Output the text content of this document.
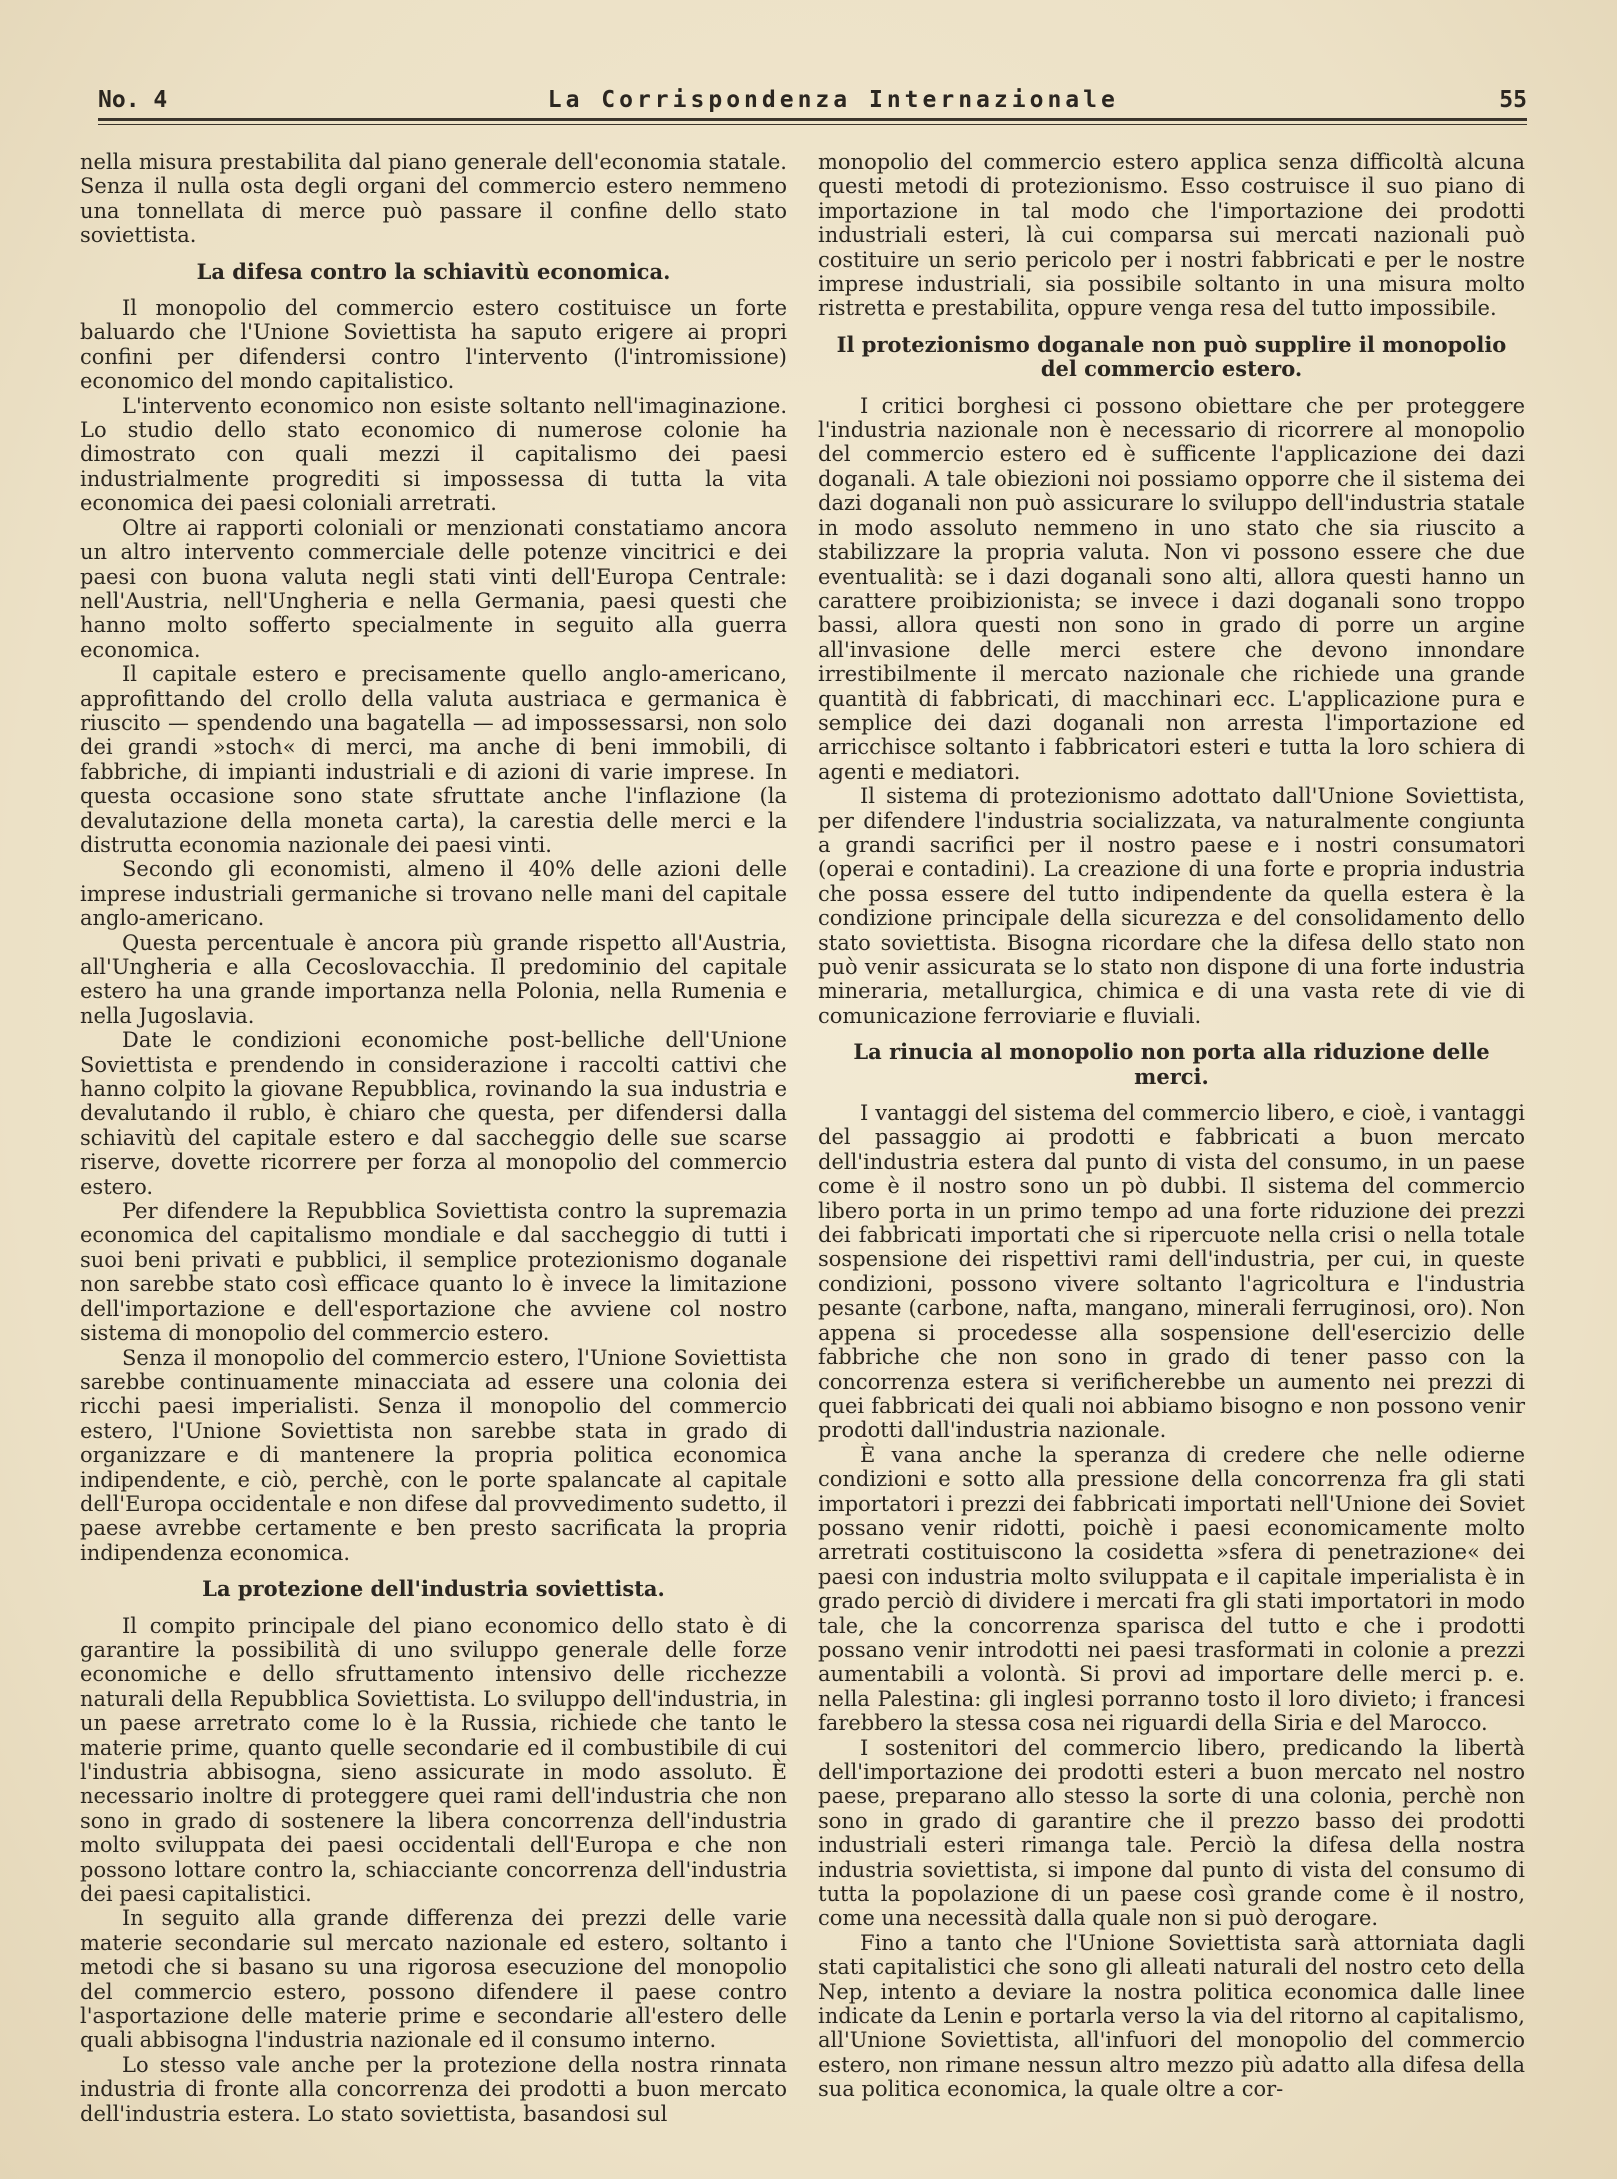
No. 4	La Corrispondenza Internazionale	55

nella misura prestabilita dal piano generale dell'economia statale. Senza il nulla osta degli organi del commercio estero nemmeno una tonnellata di merce può passare il confine dello stato soviettista.

La difesa contro la schiavitù economica.

Il monopolio del commercio estero costituisce un forte baluardo che l'Unione Soviettista ha saputo erigere ai propri confini per difendersi contro l'intervento (l'intromissione) economico del mondo capitalistico.

L'intervento economico non esiste soltanto nell'imaginazione. Lo studio dello stato economico di numerose colonie ha dimostrato con quali mezzi il capitalismo dei paesi industrialmente progrediti si impossessa di tutta la vita economica dei paesi coloniali arretrati.

Oltre ai rapporti coloniali or menzionati constatiamo ancora un altro intervento commerciale delle potenze vincitrici e dei paesi con buona valuta negli stati vinti dell'Europa Centrale: nell'Austria, nell'Ungheria e nella Germania, paesi questi che hanno molto sofferto specialmente in seguito alla guerra economica.

Il capitale estero e precisamente quello anglo-americano, approfittando del crollo della valuta austriaca e germanica è riuscito — spendendo una bagatella — ad impossessarsi, non solo dei grandi »stoch« di merci, ma anche di beni immobili, di fabbriche, di impianti industriali e di azioni di varie imprese. In questa occasione sono state sfruttate anche l'inflazione (la devalutazione della moneta carta), la carestia delle merci e la distrutta economia nazionale dei paesi vinti.

Secondo gli economisti, almeno il 40% delle azioni delle imprese industriali germaniche si trovano nelle mani del capitale anglo-americano.

Questa percentuale è ancora più grande rispetto all'Austria, all'Ungheria e alla Cecoslovacchia. Il predominio del capitale estero ha una grande importanza nella Polonia, nella Rumenia e nella Jugoslavia.

Date le condizioni economiche post-belliche dell'Unione Soviettista e prendendo in considerazione i raccolti cattivi che hanno colpito la giovane Repubblica, rovinando la sua industria e devalutando il rublo, è chiaro che questa, per difendersi dalla schiavitù del capitale estero e dal saccheggio delle sue scarse riserve, dovette ricorrere per forza al monopolio del commercio estero.

Per difendere la Repubblica Soviettista contro la supremazia economica del capitalismo mondiale e dal saccheggio di tutti i suoi beni privati e pubblici, il semplice protezionismo doganale non sarebbe stato così efficace quanto lo è invece la limitazione dell'importazione e dell'esportazione che avviene col nostro sistema di monopolio del commercio estero.

Senza il monopolio del commercio estero, l'Unione Soviettista sarebbe continuamente minacciata ad essere una colonia dei ricchi paesi imperialisti. Senza il monopolio del commercio estero, l'Unione Soviettista non sarebbe stata in grado di organizzare e di mantenere la propria politica economica indipendente, e ciò, perchè, con le porte spalancate al capitale dell'Europa occidentale e non difese dal provvedimento sudetto, il paese avrebbe certamente e ben presto sacrificata la propria indipendenza economica.

La protezione dell'industria soviettista.

Il compito principale del piano economico dello stato è di garantire la possibilità di uno sviluppo generale delle forze economiche e dello sfruttamento intensivo delle ricchezze naturali della Repubblica Soviettista. Lo sviluppo dell'industria, in un paese arretrato come lo è la Russia, richiede che tanto le materie prime, quanto quelle secondarie ed il combustibile di cui l'industria abbisogna, sieno assicurate in modo assoluto. È necessario inoltre di proteggere quei rami dell'industria che non sono in grado di sostenere la libera concorrenza dell'industria molto sviluppata dei paesi occidentali dell'Europa e che non possono lottare contro la, schiacciante concorrenza dell'industria dei paesi capitalistici.

In seguito alla grande differenza dei prezzi delle varie materie secondarie sul mercato nazionale ed estero, soltanto i metodi che si basano su una rigorosa esecuzione del monopolio del commercio estero, possono difendere il paese contro l'asportazione delle materie prime e secondarie all'estero delle quali abbisogna l'industria nazionale ed il consumo interno.

Lo stesso vale anche per la protezione della nostra rinnata industria di fronte alla concorrenza dei prodotti a buon mercato dell'industria estera. Lo stato soviettista, basandosi sul

monopolio del commercio estero applica senza difficoltà alcuna questi metodi di protezionismo. Esso costruisce il suo piano di importazione in tal modo che l'importazione dei prodotti industriali esteri, là cui comparsa sui mercati nazionali può costituire un serio pericolo per i nostri fabbricati e per le nostre imprese industriali, sia possibile soltanto in una misura molto ristretta e prestabilita, oppure venga resa del tutto impossibile.

Il protezionismo doganale non può supplire il monopolio del commercio estero.

I critici borghesi ci possono obiettare che per proteggere l'industria nazionale non è necessario di ricorrere al monopolio del commercio estero ed è sufficente l'applicazione dei dazi doganali. A tale obiezioni noi possiamo opporre che il sistema dei dazi doganali non può assicurare lo sviluppo dell'industria statale in modo assoluto nemmeno in uno stato che sia riuscito a stabilizzare la propria valuta. Non vi possono essere che due eventualità: se i dazi doganali sono alti, allora questi hanno un carattere proibizionista; se invece i dazi doganali sono troppo bassi, allora questi non sono in grado di porre un argine all'invasione delle merci estere che devono innondare irrestibilmente il mercato nazionale che richiede una grande quantità di fabbricati, di macchinari ecc. L'applicazione pura e semplice dei dazi doganali non arresta l'importazione ed arricchisce soltanto i fabbricatori esteri e tutta la loro schiera di agenti e mediatori.

Il sistema di protezionismo adottato dall'Unione Soviettista, per difendere l'industria socializzata, va naturalmente congiunta a grandi sacrifici per il nostro paese e i nostri consumatori (operai e contadini). La creazione di una forte e propria industria che possa essere del tutto indipendente da quella estera è la condizione principale della sicurezza e del consolidamento dello stato soviettista. Bisogna ricordare che la difesa dello stato non può venir assicurata se lo stato non dispone di una forte industria mineraria, metallurgica, chimica e di una vasta rete di vie di comunicazione ferroviarie e fluviali.

La rinucia al monopolio non porta alla riduzione delle merci.

I vantaggi del sistema del commercio libero, e cioè, i vantaggi del passaggio ai prodotti e fabbricati a buon mercato dell'industria estera dal punto di vista del consumo, in un paese come è il nostro sono un pò dubbi. Il sistema del commercio libero porta in un primo tempo ad una forte riduzione dei prezzi dei fabbricati importati che si ripercuote nella crisi o nella totale sospensione dei rispettivi rami dell'industria, per cui, in queste condizioni, possono vivere soltanto l'agricoltura e l'industria pesante (carbone, nafta, mangano, minerali ferruginosi, oro). Non appena si procedesse alla sospensione dell'esercizio delle fabbriche che non sono in grado di tener passo con la concorrenza estera si verificherebbe un aumento nei prezzi di quei fabbricati dei quali noi abbiamo bisogno e non possono venir prodotti dall'industria nazionale.

È vana anche la speranza di credere che nelle odierne condizioni e sotto alla pressione della concorrenza fra gli stati importatori i prezzi dei fabbricati importati nell'Unione dei Soviet possano venir ridotti, poichè i paesi economicamente molto arretrati costituiscono la cosidetta »sfera di penetrazione« dei paesi con industria molto sviluppata e il capitale imperialista è in grado perciò di dividere i mercati fra gli stati importatori in modo tale, che la concorrenza sparisca del tutto e che i prodotti possano venir introdotti nei paesi trasformati in colonie a prezzi aumentabili a volontà. Si provi ad importare delle merci p. e. nella Palestina: gli inglesi porranno tosto il loro divieto; i francesi farebbero la stessa cosa nei riguardi della Siria e del Marocco.

I sostenitori del commercio libero, predicando la libertà dell'importazione dei prodotti esteri a buon mercato nel nostro paese, preparano allo stesso la sorte di una colonia, perchè non sono in grado di garantire che il prezzo basso dei prodotti industriali esteri rimanga tale. Perciò la difesa della nostra industria soviettista, si impone dal punto di vista del consumo di tutta la popolazione di un paese così grande come è il nostro, come una necessità dalla quale non si può derogare.

Fino a tanto che l'Unione Soviettista sarà attorniata dagli stati capitalistici che sono gli alleati naturali del nostro ceto della Nep, intento a deviare la nostra politica economica dalle linee indicate da Lenin e portarla verso la via del ritorno al capitalismo, all'Unione Soviettista, all'infuori del monopolio del commercio estero, non rimane nessun altro mezzo più adatto alla difesa della sua politica economica, la quale oltre a cor-
